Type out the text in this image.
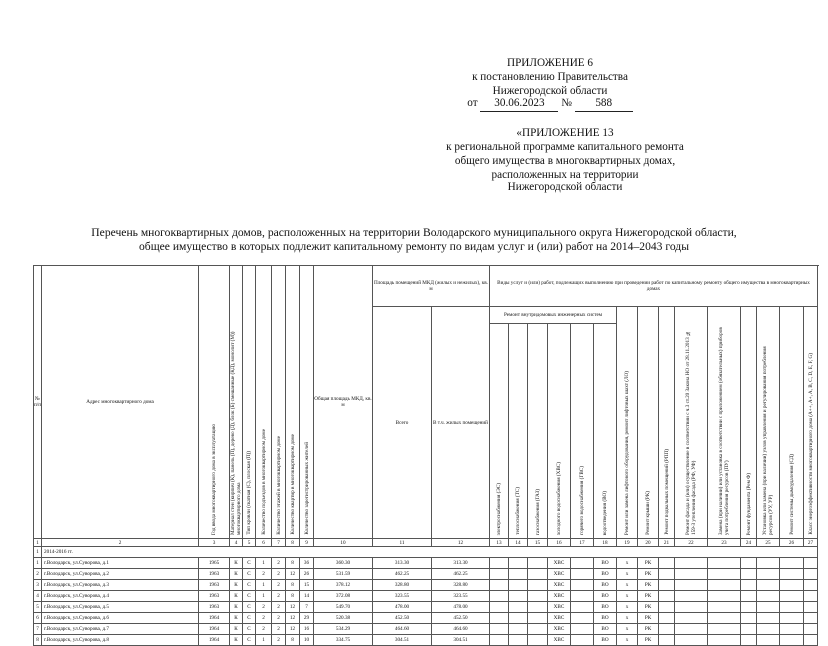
ПРИЛОЖЕНИЕ 6
к постановлению Правительства
Нижегородской области
от 30.06.2023 № 588
«ПРИЛОЖЕНИЕ 13
к региональной программе капитального ремонта
общего имущества в многоквартирных домах,
расположенных на территории
Нижегородской области
Перечень многоквартирных домов, расположенных на территории Володарского муниципального округа Нижегородской области,
общее имущество в которых подлежит капитальному ремонту по видам услуг и (или) работ на 2014–2043 годы
№ п/п	Адрес многоквартирного дома	Год ввода многоквартирного дома в эксплуатацию	Материал стен (кирпич (К), панель (П), дерево (Д), блок (Б) смешанные (КД), монолит (М)) многоквартирного дома	Тип кровли (скатная (С), плоская (П))	Количество подъездов в многоквартирном доме	Количество этажей в многоквартирном доме	Количество квартир в многоквартирном доме	Количество зарегистрированных жителей	Общая площадь МКД, кв. м	Площадь помещений МКД (жилых и нежилых), кв. м		Виды услуг и (или) работ, подлежащих выполнению при проведении работ по капитальному ремонту общего имущества в многоквартирных домах														
										Всего	В т.ч. жилых помещений	Ремонт внутридомовых инженерных систем						Ремонт или замена лифтового оборудования, ремонт лифтовых шахт (ЛО)	Ремонт крыши (РК)	Ремонт подвальных помещений (РПП)	Ремонт фасада и (или) осуществление в соответствии с ч.3 ст.20 Закона НО от 28.11.2013 № 159-З утепления фасада (РФ, УФ)	Замена (при наличии) или установка в соответствии с приложением (обязательных) приборов учета потребления ресурсов (ПУ)	Ремонт фундамента (Рем Ф)	Установка или замена (при наличии) узлов управления и регулирования потребления ресурсов (УУ, УР)	Ремонт системы дымоудаления (СД)	Класс энергоэффективности многоквартирного дома (A++, A+, A, B, C, D, E, F, G)

												электроснабжения (ЭС)	теплоснабжения (ТС)	газоснабжения (ГАЗ)	холодного водоснабжения (ХВС)	горячего водоснабжения (ГВС)	водоотведения (ВО)									

1	2	3	4	5	6	7	8	9	10	11	12	13	14	15	16	17	18	19	20	21	22	23	24	25	26	27
1	2014-2016 гг.																									
1	г.Володарск, ул.Суворова, д.1	1965	К	С	1	2	8	36	360.30	313.30	313.30				ХВС		ВО	x	РК							
2	г.Володарск, ул.Суворова, д.2	1963	К	С	2	2	12	26	531.59	462.25	462.25				ХВС		ВО	x	РК							
3	г.Володарск, ул.Суворова, д.3	1963	К	С	1	2	8	15	378.12	328.80	328.80				ХВС		ВО	x	РК							
4	г.Володарск, ул.Суворова, д.4	1963	К	С	1	2	8	14	372.08	323.55	323.55				ХВС		ВО	x	РК							
5	г.Володарск, ул.Суворова, д.5	1963	К	С	2	2	12	7	549.70	478.00	478.00				ХВС		ВО	x	РК							
6	г.Володарск, ул.Суворова, д.6	1964	К	С	2	2	12	29	520.38	452.50	452.50				ХВС		ВО	x	РК							
7	г.Володарск, ул.Суворова, д.7	1964	К	С	2	2	12	16	534.29	464.60	464.60				ХВС		ВО	x	РК							
8	г.Володарск, ул.Суворова, д.8	1964	К	С	1	2	8	10	334.75	304.51	304.51				ХВС		ВО	x	РК							
